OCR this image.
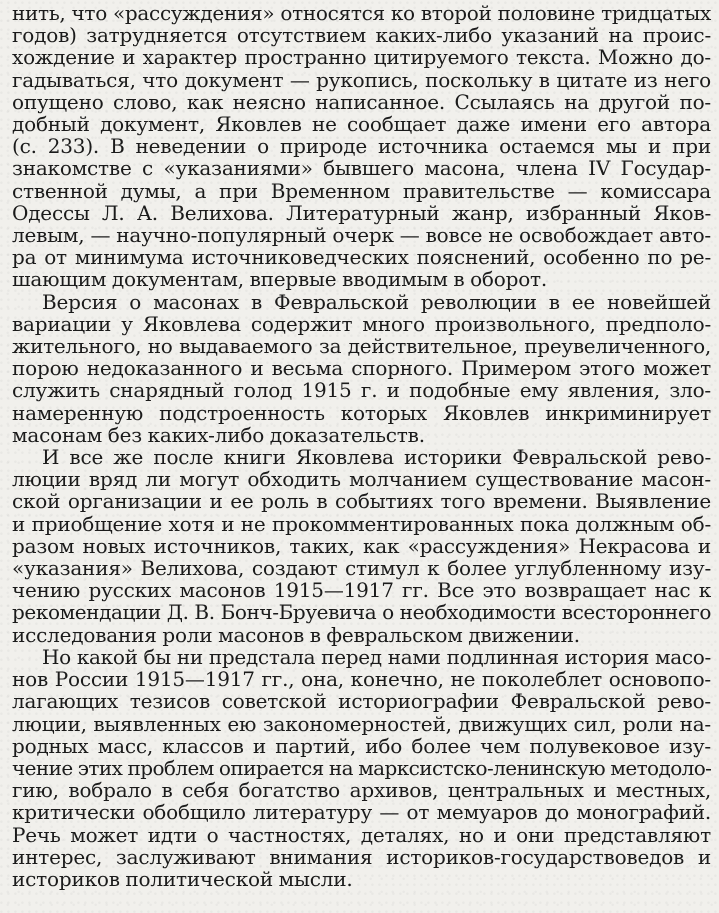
нить, что «рассуждения» относятся ко второй половине тридцатых
годов) затрудняется отсутствием каких-либо указаний на проис-
хождение и характер пространно цитируемого текста. Можно до-
гадываться, что документ — рукопись, поскольку в цитате из него
опущено слово, как неясно написанное. Ссылаясь на другой по-
добный документ, Яковлев не сообщает даже имени его автора
(с. 233). В неведении о природе источника остаемся мы и при
знакомстве с «указаниями» бывшего масона, члена IV Государ-
ственной думы, а при Временном правительстве — комиссара
Одессы Л. А. Велихова. Литературный жанр, избранный Яков-
левым, — научно-популярный очерк — вовсе не освобождает авто-
ра от минимума источниковедческих пояснений, особенно по ре-
шающим документам, впервые вводимым в оборот.
Версия о масонах в Февральской революции в ее новейшей
вариации у Яковлева содержит много произвольного, предполо-
жительного, но выдаваемого за действительное, преувеличенного,
порою недоказанного и весьма спорного. Примером этого может
служить снарядный голод 1915 г. и подобные ему явления, зло-
намеренную подстроенность которых Яковлев инкриминирует
масонам без каких-либо доказательств.
И все же после книги Яковлева историки Февральской рево-
люции вряд ли могут обходить молчанием существование масон-
ской организации и ее роль в событиях того времени. Выявление
и приобщение хотя и не прокомментированных пока должным об-
разом новых источников, таких, как «рассуждения» Некрасова и
«указания» Велихова, создают стимул к более углубленному изу-
чению русских масонов 1915—1917 гг. Все это возвращает нас к
рекомендации Д. В. Бонч-Бруевича о необходимости всестороннего
исследования роли масонов в февральском движении.
Но какой бы ни предстала перед нами подлинная история масо-
нов России 1915—1917 гг., она, конечно, не поколеблет основопо-
лагающих тезисов советской историографии Февральской рево-
люции, выявленных ею закономерностей, движущих сил, роли на-
родных масс, классов и партий, ибо более чем полувековое изу-
чение этих проблем опирается на марксистско-ленинскую методоло-
гию, вобрало в себя богатство архивов, центральных и местных,
критически обобщило литературу — от мемуаров до монографий.
Речь может идти о частностях, деталях, но и они представляют
интерес, заслуживают внимания историков-государствоведов и
историков политической мысли.
